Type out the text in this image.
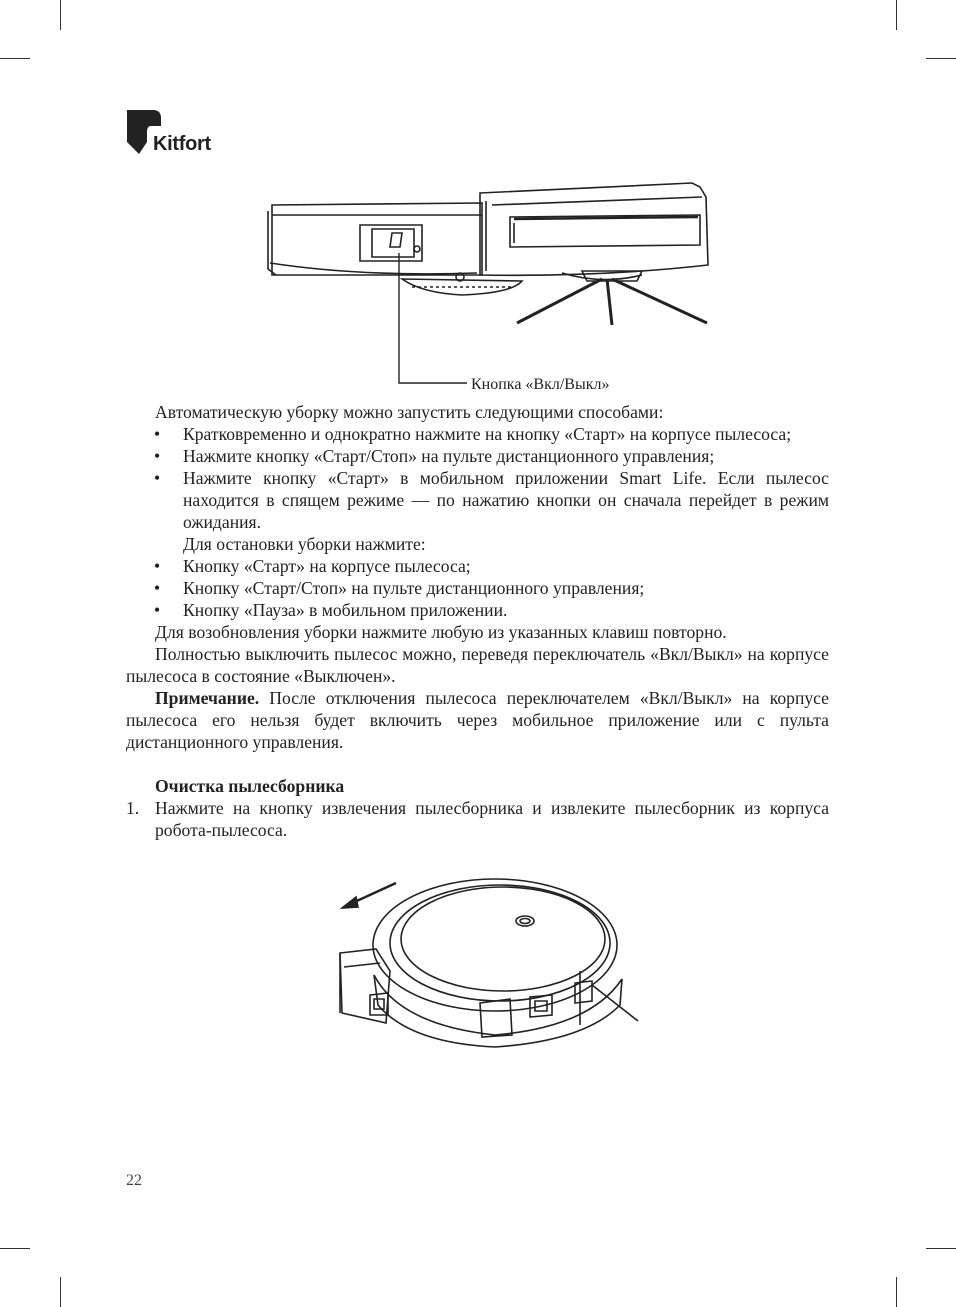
Kitfort
Кнопка «Вкл/Выкл»

Автоматическую уборку можно запустить следующими способами:

• Кратковременно и однократно нажмите на кнопку «Старт» на корпусе пылесоса;
• Нажмите кнопку «Старт/Стоп» на пульте дистанционного управления;
• Нажмите кнопку «Старт» в мобильном приложении Smart Life. Если пылесос находится в спящем режиме — по нажатию кнопки он сначала перейдет в режим ожидания.

Для остановки уборки нажмите:

• Кнопку «Старт» на корпусе пылесоса;
• Кнопку «Старт/Стоп» на пульте дистанционного управления;
• Кнопку «Пауза» в мобильном приложении.

Для возобновления уборки нажмите любую из указанных клавиш повторно.

Полностью выключить пылесос можно, переведя переключатель «Вкл/Выкл» на корпусе пылесоса в состояние «Выключен».

Примечание. После отключения пылесоса переключателем «Вкл/Выкл» на корпусе пылесоса его нельзя будет включить через мобильное приложение или с пульта дистанционного управления.

Очистка пылесборника

1. Нажмите на кнопку извлечения пылесборника и извлеките пылесборник из корпуса робота-пылесоса.
22
